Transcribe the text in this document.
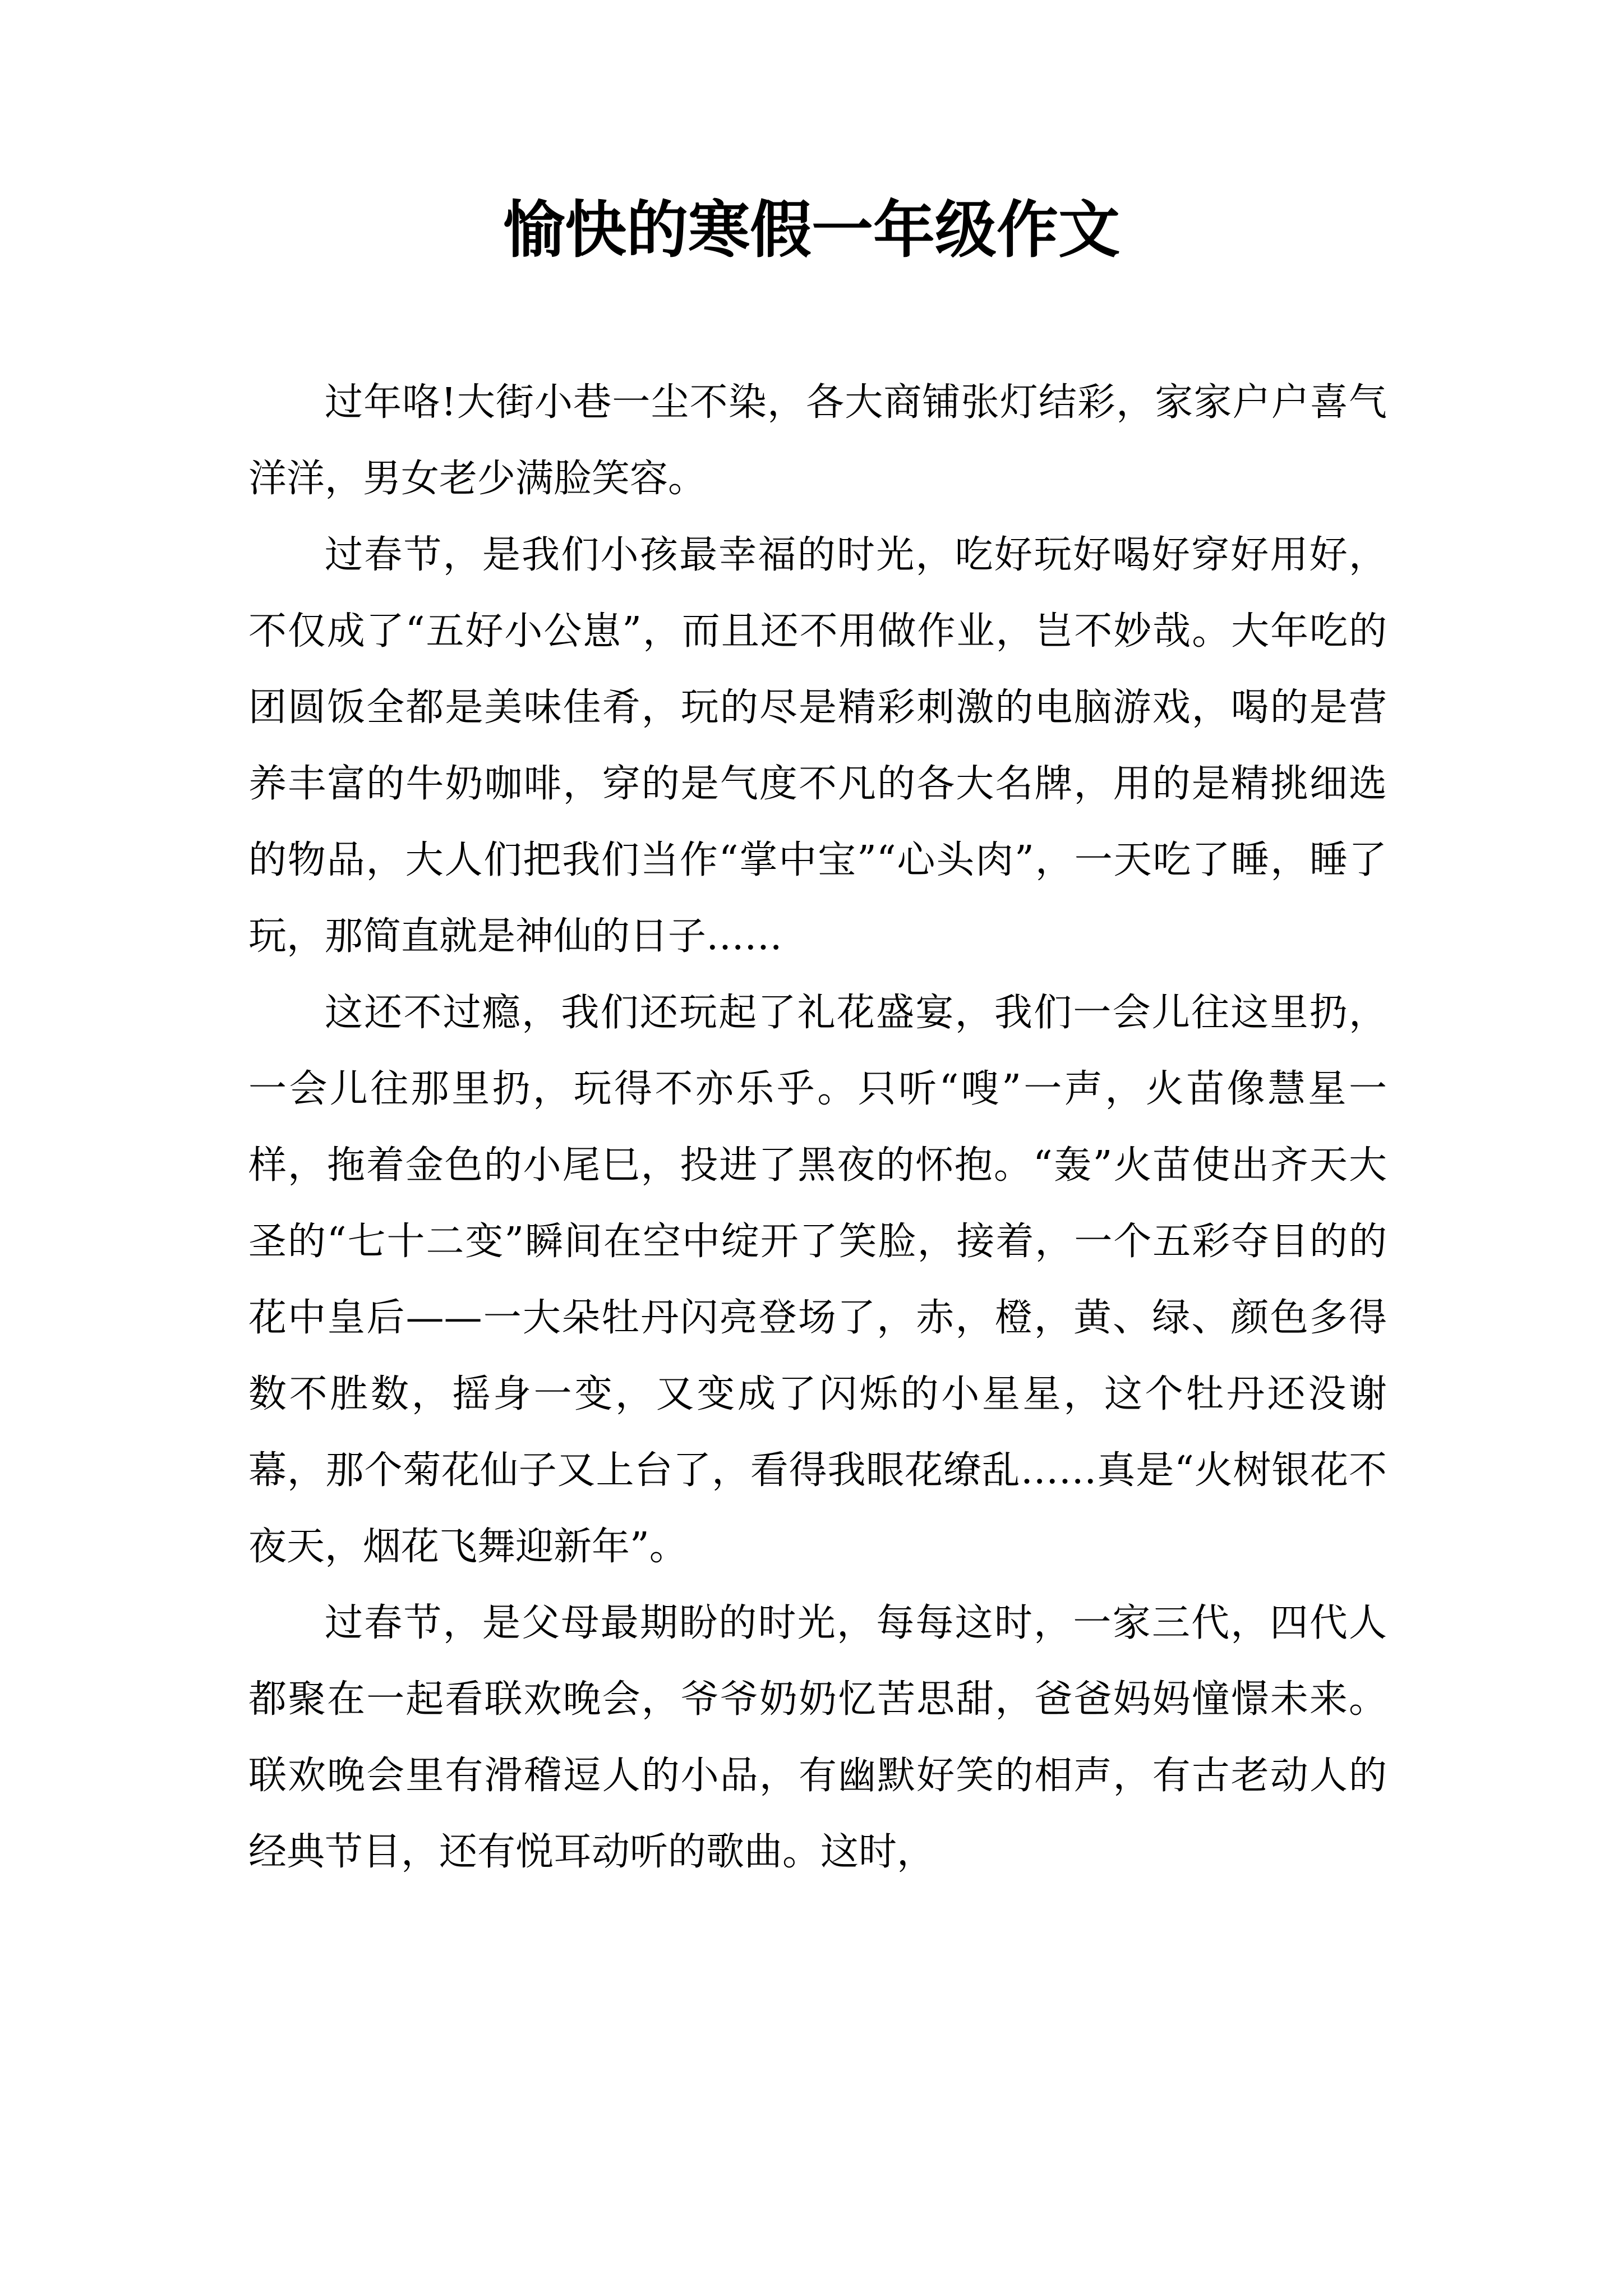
愉快的寒假一年级作文

过年咯!大街小巷一尘不染，各大商铺张灯结彩，家家户户喜气洋洋，男女老少满脸笑容。

过春节，是我们小孩最幸福的时光，吃好玩好喝好穿好用好，不仅成了“五好小公崽”，而且还不用做作业，岂不妙哉。大年吃的团圆饭全都是美味佳肴，玩的尽是精彩刺激的电脑游戏，喝的是营养丰富的牛奶咖啡，穿的是气度不凡的各大名牌，用的是精挑细选的物品，大人们把我们当作“掌中宝”“心头肉”，一天吃了睡，睡了玩，那简直就是神仙的日子……

这还不过瘾，我们还玩起了礼花盛宴，我们一会儿往这里扔，一会儿往那里扔，玩得不亦乐乎。只听“嗖”一声，火苗像慧星一样，拖着金色的小尾巳，投进了黑夜的怀抱。“轰”火苗使出齐天大圣的“七十二变”瞬间在空中绽开了笑脸，接着，一个五彩夺目的的花中皇后——一大朵牡丹闪亮登场了，赤，橙，黄、绿、颜色多得数不胜数，摇身一变，又变成了闪烁的小星星，这个牡丹还没谢幕，那个菊花仙子又上台了，看得我眼花缭乱……真是“火树银花不夜天，烟花飞舞迎新年”。

过春节，是父母最期盼的时光，每每这时，一家三代，四代人都聚在一起看联欢晚会，爷爷奶奶忆苦思甜，爸爸妈妈憧憬未来。联欢晚会里有滑稽逗人的小品，有幽默好笑的相声，有古老动人的经典节目，还有悦耳动听的歌曲。这时，
